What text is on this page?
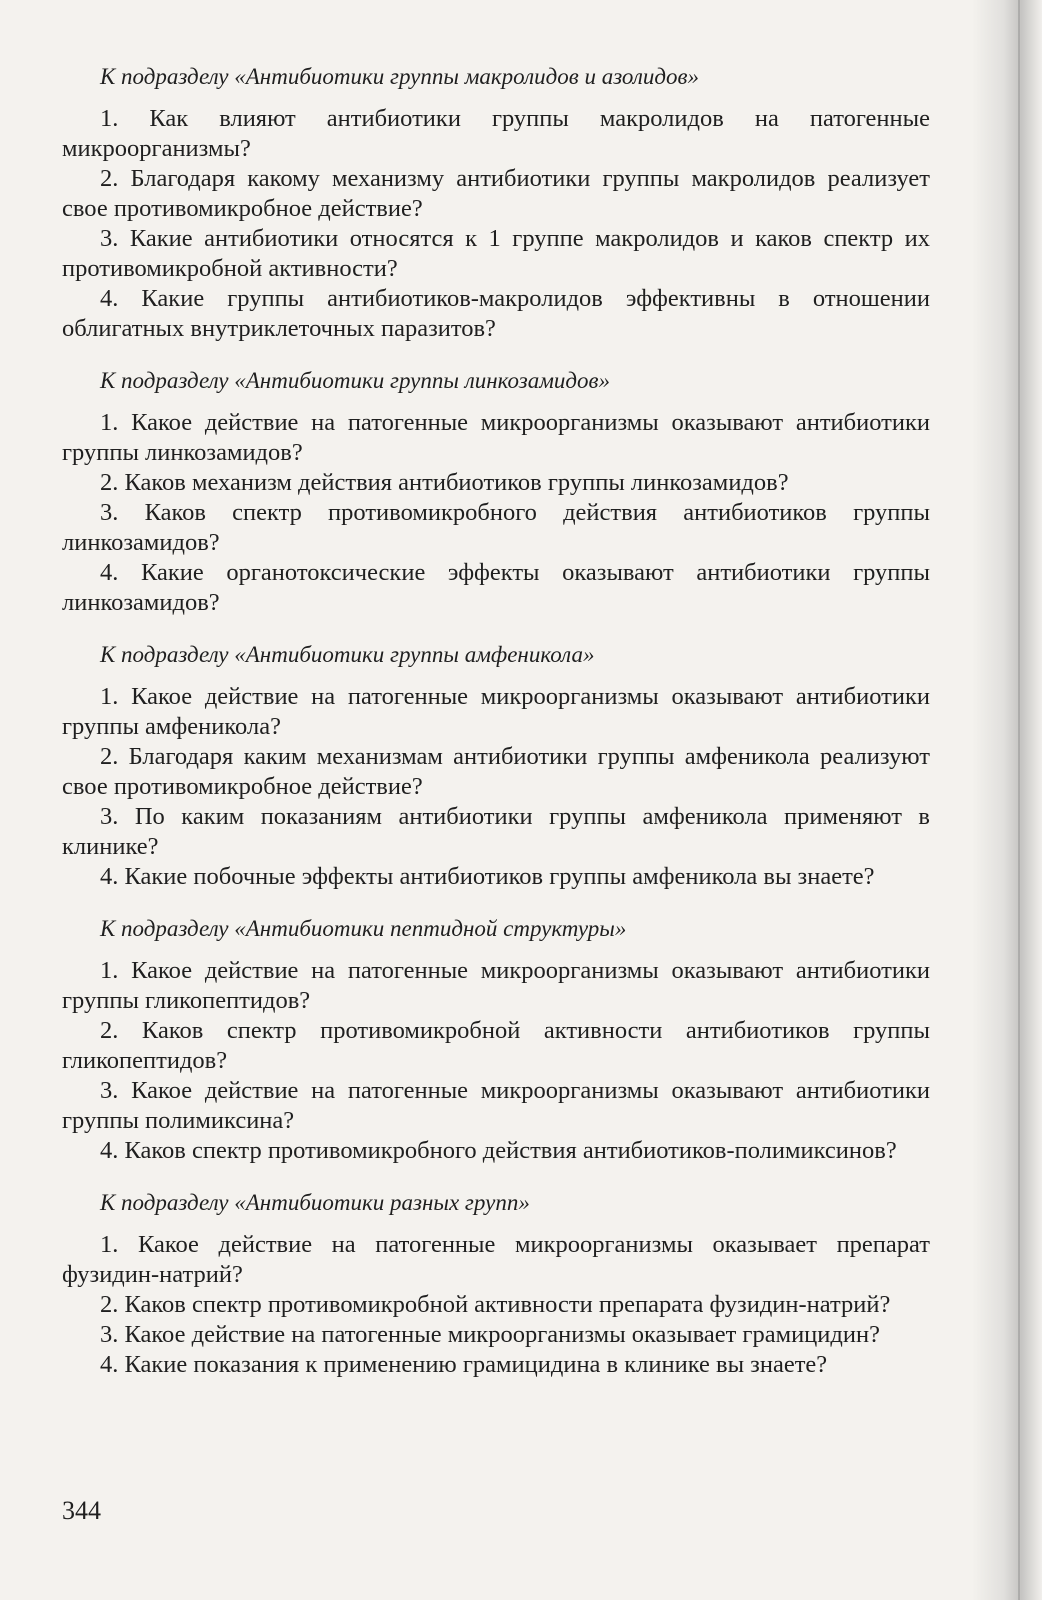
К подразделу «Антибиотики группы макролидов и азолидов»

1. Как влияют антибиотики группы макролидов на патогенные микроорганизмы?

2. Благодаря какому механизму антибиотики группы макролидов реализует свое противомикробное действие?

3. Какие антибиотики относятся к 1 группе макролидов и каков спектр их противомикробной активности?

4. Какие группы антибиотиков-макролидов эффективны в отношении облигатных внутриклеточных паразитов?

К подразделу «Антибиотики группы линкозамидов»

1. Какое действие на патогенные микроорганизмы оказывают антибиотики группы линкозамидов?

2. Каков механизм действия антибиотиков группы линкозамидов?

3. Каков спектр противомикробного действия антибиотиков группы линкозамидов?

4. Какие органотоксические эффекты оказывают антибиотики группы линкозамидов?

К подразделу «Антибиотики группы амфеникола»

1. Какое действие на патогенные микроорганизмы оказывают антибиотики группы амфеникола?

2. Благодаря каким механизмам антибиотики группы амфеникола реализуют свое противомикробное действие?

3. По каким показаниям антибиотики группы амфеникола применяют в клинике?

4. Какие побочные эффекты антибиотиков группы амфеникола вы знаете?

К подразделу «Антибиотики пептидной структуры»

1. Какое действие на патогенные микроорганизмы оказывают антибиотики группы гликопептидов?

2. Каков спектр противомикробной активности антибиотиков группы гликопептидов?

3. Какое действие на патогенные микроорганизмы оказывают антибиотики группы полимиксина?

4. Каков спектр противомикробного действия антибиотиков-полимиксинов?

К подразделу «Антибиотики разных групп»

1. Какое действие на патогенные микроорганизмы оказывает препарат фузидин-натрий?

2. Каков спектр противомикробной активности препарата фузидин-натрий?

3. Какое действие на патогенные микроорганизмы оказывает грамицидин?

4. Какие показания к применению грамицидина в клинике вы знаете?

344
